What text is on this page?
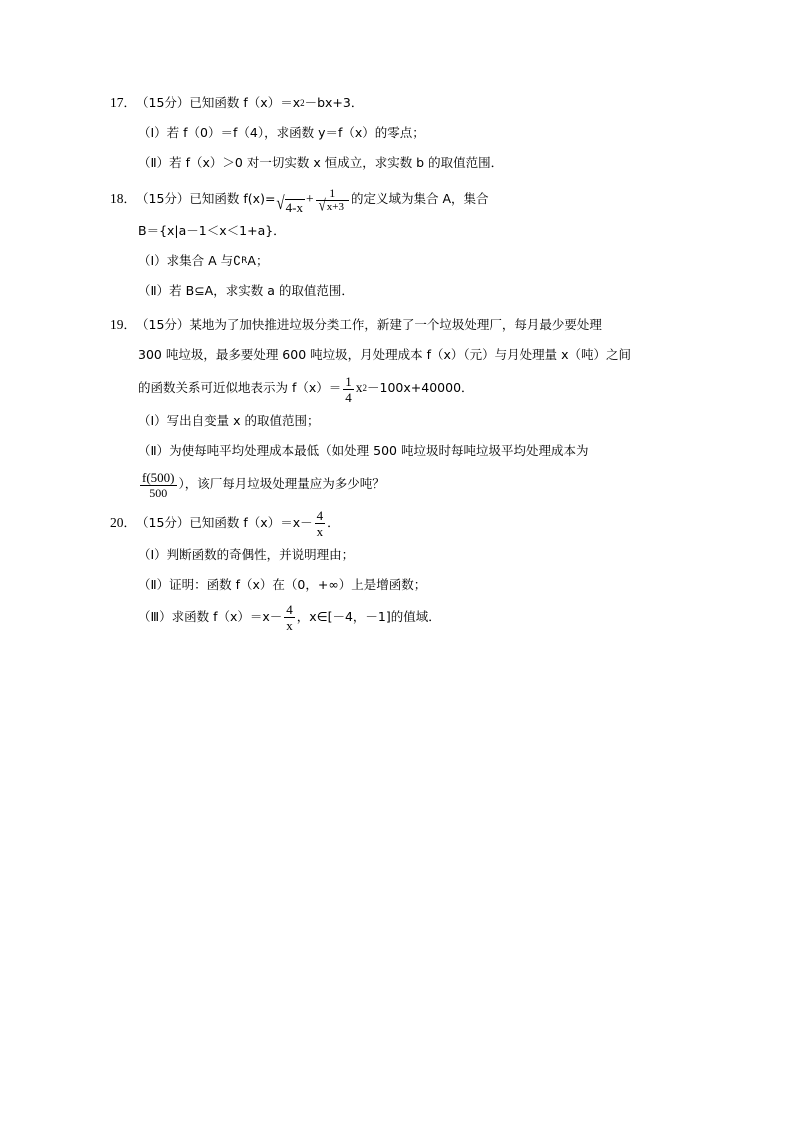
17 ． （15分） 已知函数 f（x）＝x 2 －bx+3．
（Ⅰ）若 f（0）＝f（4），求函数 y＝f（x）的零点；
（Ⅱ）若 f（x）＞0 对一切实数 x 恒成立，求实数 b 的取值范围．
18 ． （15分） 已知函数 f(x)= √ 4-x
+ $\frac{1}{√ x+3}$ 的定义域为集合 A，集合
B＝{x|a－1＜x＜1+a}．
（Ⅰ）求集合 A 与∁ R A；
（Ⅱ）若 B⊆A，求实数 a 的取值范围．
19 ． （15分） 某地为了加快推进垃圾分类工作，新建了一个垃圾处理厂，每月最少要处理
300 吨垃圾，最多要处理 600 吨垃圾，月处理成本 f（x）（元）与月处理量 x（吨）之间
的函数关系可近似地表示为 $f(x)= \frac{1}{4}$ x 2 －100x+40000．
（Ⅰ）写出自变量 x 的取值范围；
（Ⅱ）为使每吨平均处理成本最低（如处理 500 吨垃圾时每吨垃圾平均处理成本为
$\frac{f(500)}{500}$ ），该厂每月垃圾处理量应为多少吨？
20 ． （15分） 已知函数 $f(x)=x- \frac{4}{x}$ ．
（Ⅰ）判断函数的奇偶性，并说明理由；
（Ⅱ）证明：函数 f（x）在（0，+∞）上是增函数；
（Ⅲ）求函数 $f(x)=x- \frac{4}{x}$ ，x∈[－4，－1]的值域．
